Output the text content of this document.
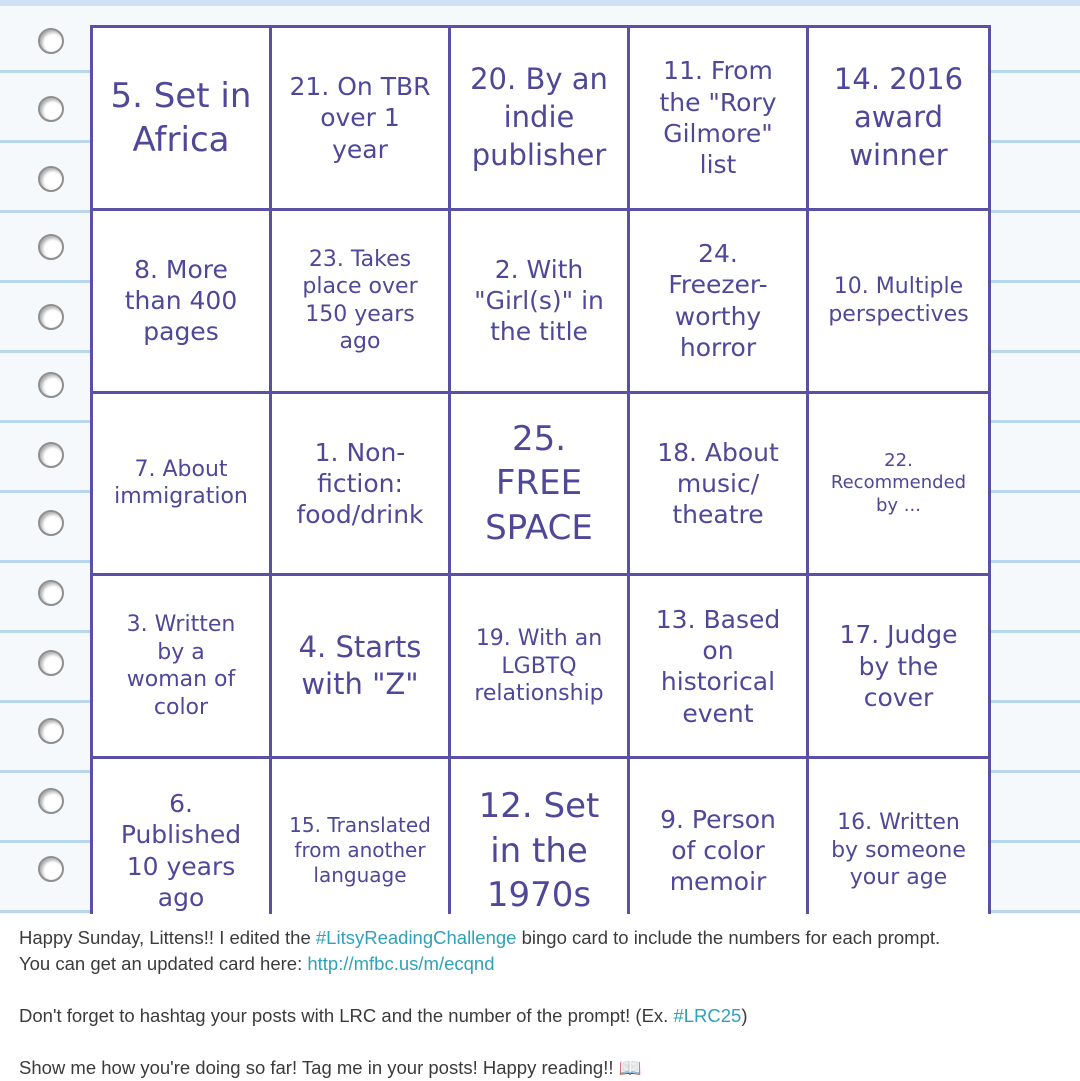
5. Set in
Africa
21. On TBR
over 1
year
20. By an
indie
publisher
11. From
the "Rory
Gilmore"
list
14. 2016
award
winner
8. More
than 400
pages
23. Takes
place over
150 years
ago
2. With
"Girl(s)" in
the title
24.
Freezer-
worthy
horror
10. Multiple
perspectives
7. About
immigration
1. Non-
fiction:
food/drink
25.
FREE
SPACE
18. About
music/
theatre
22.
Recommended
by ...
3. Written
by a
woman of
color
4. Starts
with "Z"
19. With an
LGBTQ
relationship
13. Based
on
historical
event
17. Judge
by the
cover
6.
Published
10 years
ago
15. Translated
from another
language
12. Set
in the
1970s
9. Person
of color
memoir
16. Written
by someone
your age

Happy Sunday, Littens!! I edited the #LitsyReadingChallenge bingo card to include the numbers for each prompt.

You can get an updated card here: http://mfbc.us/m/ecqnd

Don't forget to hashtag your posts with LRC and the number of the prompt! (Ex. #LRC25)

Show me how you're doing so far! Tag me in your posts! Happy reading!! 📖
